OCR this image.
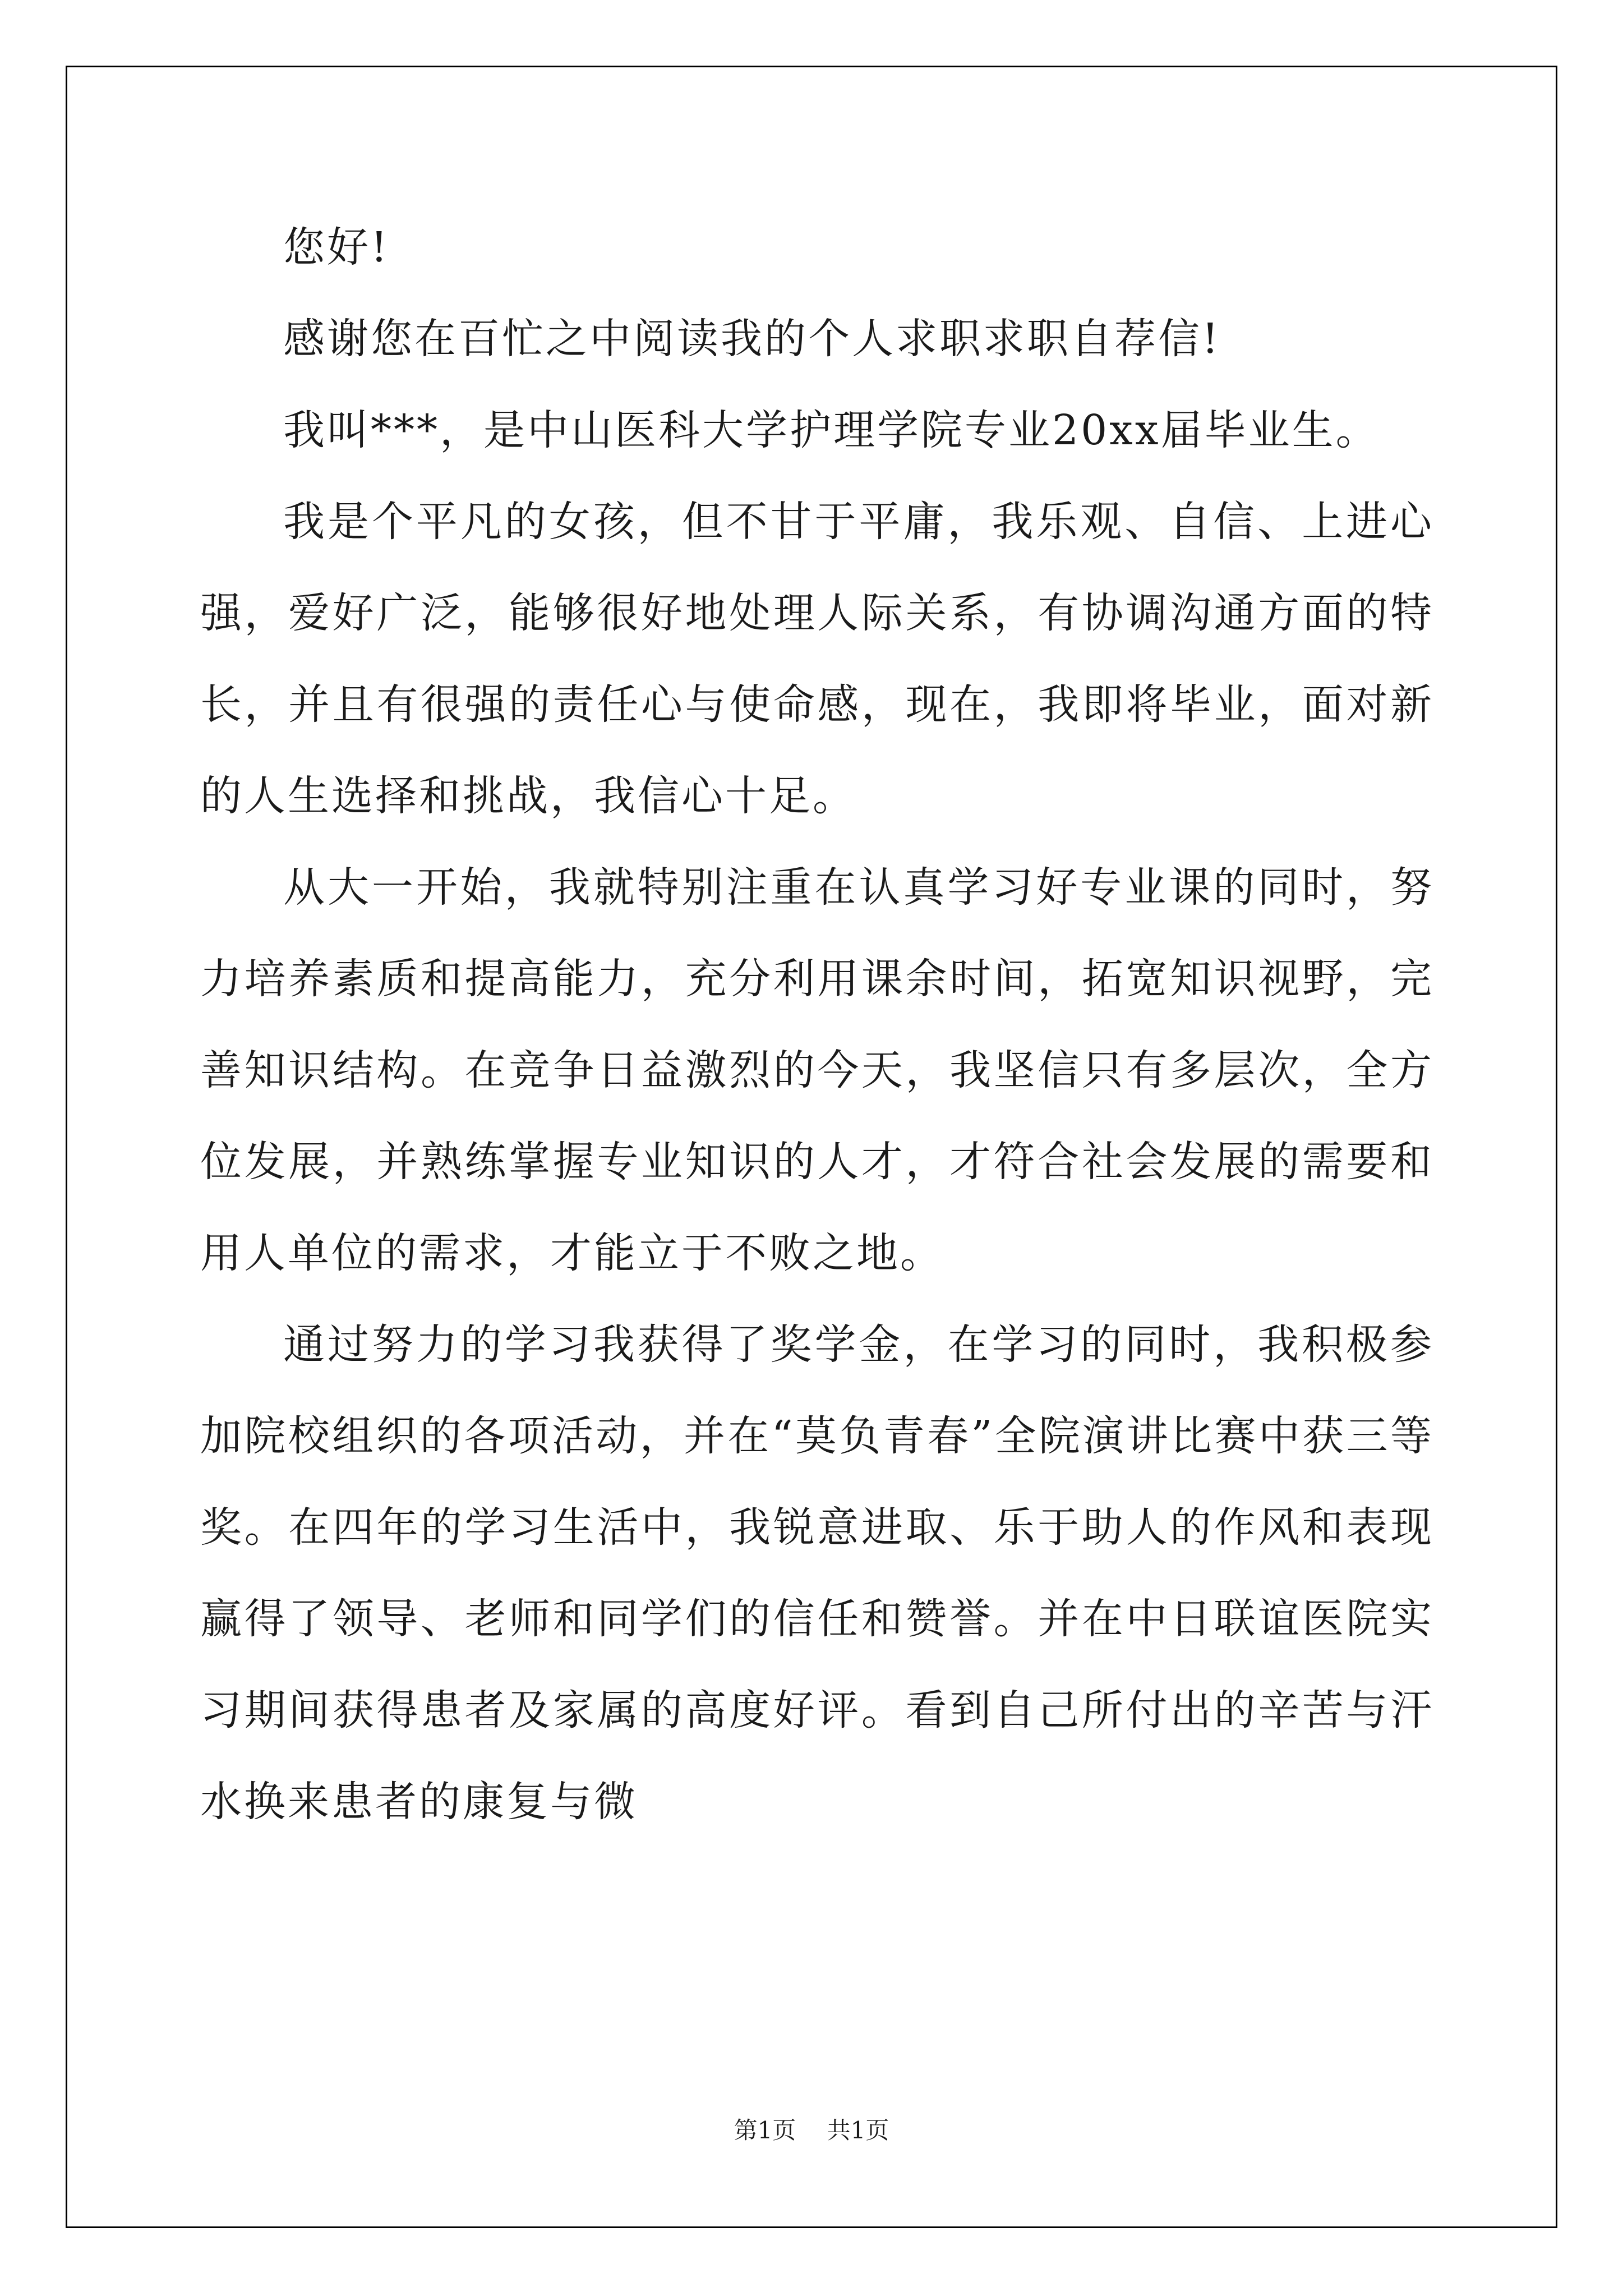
您好!

感谢您在百忙之中阅读我的个人求职求职自荐信!

我叫***，是中山医科大学护理学院专业20xx届毕业生。

我是个平凡的女孩，但不甘于平庸，我乐观、自信、上进心强，爱好广泛，能够很好地处理人际关系，有协调沟通方面的特长，并且有很强的责任心与使命感，现在，我即将毕业，面对新的人生选择和挑战，我信心十足。

从大一开始，我就特别注重在认真学习好专业课的同时，努力培养素质和提高能力，充分利用课余时间，拓宽知识视野，完善知识结构。在竞争日益激烈的今天，我坚信只有多层次，全方位发展，并熟练掌握专业知识的人才，才符合社会发展的需要和用人单位的需求，才能立于不败之地。

通过努力的学习我获得了奖学金，在学习的同时，我积极参加院校组织的各项活动，并在“莫负青春”全院演讲比赛中获三等奖。在四年的学习生活中，我锐意进取、乐于助人的作风和表现赢得了领导、老师和同学们的信任和赞誉。并在中日联谊医院实习期间获得患者及家属的高度好评。看到自己所付出的辛苦与汗水换来患者的康复与微

第1页 共1页
